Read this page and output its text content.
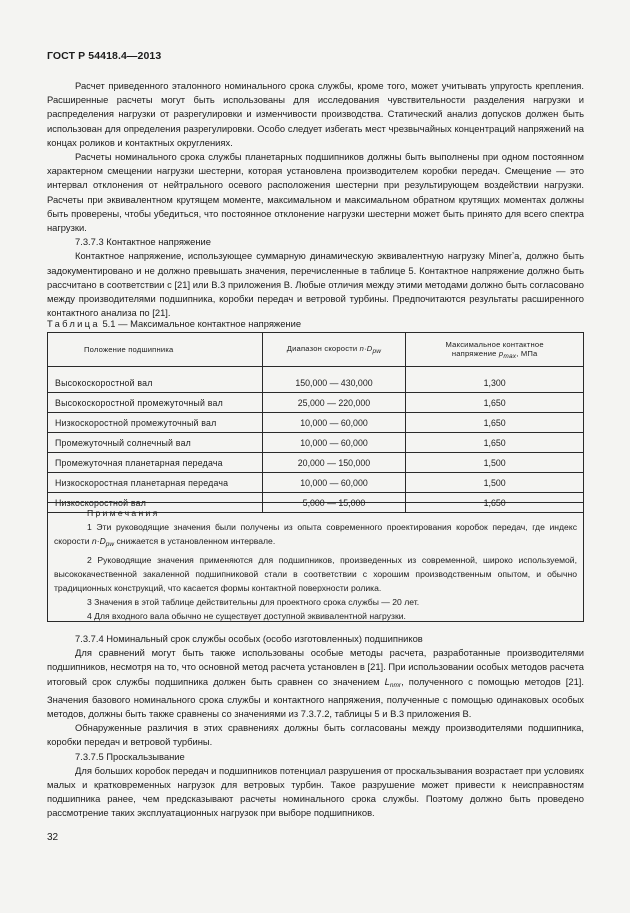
ГОСТ Р 54418.4—2013

Расчет приведенного эталонного номинального срока службы, кроме того, может учитывать упругость крепления. Расширенные расчеты могут быть использованы для исследования чувствительности разделения нагрузки и распределения нагрузки от разрегулировки и изменчивости производства. Статический анализ допусков должен быть использован для определения разрегулировки. Особо следует избегать мест чрезвычайных концентраций напряжений на концах роликов и контактных округлениях.

Расчеты номинального срока службы планетарных подшипников должны быть выполнены при одном постоянном характерном смещении нагрузки шестерни, которая установлена производителем коробки передач. Смещение — это интервал отклонения от нейтрального осевого расположения шестерни при результирующем воздействии нагрузки. Расчеты при эквивалентном крутящем моменте, максимальном и максимальном обратном крутящих моментах должны быть проверены, чтобы убедиться, что постоянное отклонение нагрузки шестерни может быть принято для всего спектра нагрузки.

7.3.7.3 Контактное напряжение

Контактное напряжение, использующее суммарную динамическую эквивалентную нагрузку Minerʼa, должно быть задокументировано и не должно превышать значения, перечисленные в таблице 5. Контактное напряжение должно быть рассчитано в соответствии с [21] или В.3 приложения В. Любые отличия между этими методами должно быть согласовано между производителями подшипника, коробки передач и ветровой турбины. Предпочитаются результаты расширенного контактного анализа по [21].

Таблица 5.1 — Максимальное контактное напряжение
Положение подшипника	Диапазон скорости n·Dpw	Максимальное контактное
напряжение pmax, МПа

Высокоскоростной вал	150,000 — 430,000	1,300
Высокоскоростной промежуточный вал	25,000 — 220,000	1,650
Низкоскоростной промежуточный вал	10,000 — 60,000	1,650
Промежуточный солнечный вал	10,000 — 60,000	1,650
Промежуточная планетарная передача	20,000 — 150,000	1,500
Низкоскоростная планетарная передача	10,000 — 60,000	1,500
Низкоскоростной вал	5,000 — 15,000	1,650

Примечания

1 Эти руководящие значения были получены из опыта современного проектирования коробок передач, где индекс скорости $n\cdot D_{pw}$ снижается в установленном интервале.

2 Руководящие значения применяются для подшипников, произведенных из современной, широко используемой, высококачественной закаленной подшипниковой стали в соответствии с хорошим производственным опытом, и обычно традиционных конструкций, что касается формы контактной поверхности ролика.

3 Значения в этой таблице действительны для проектного срока службы — 20 лет.

4 Для входного вала обычно не существует доступной эквивалентной нагрузки.

7.3.7.4 Номинальный срок службы особых (особо изготовленных) подшипников

Для сравнений могут быть также использованы особые методы расчета, разработанные производителями подшипников, несмотря на то, что основной метод расчета установлен в [21]. При использовании особых методов расчета итоговый срок службы подшипника должен быть сравнен со значением $L_{nmr}$, полученного с помощью методов [21]. Значения базового номинального срока службы и контактного напряжения, полученные с помощью одинаковых особых методов, должны быть также сравнены со значениями из 7.3.7.2, таблицы 5 и В.3 приложения В.

Обнаруженные различия в этих сравнениях должны быть согласованы между производителями подшипника, коробки передач и ветровой турбины.

7.3.7.5 Проскальзывание

Для больших коробок передач и подшипников потенциал разрушения от проскальзывания возрастает при условиях малых и кратковременных нагрузок для ветровых турбин. Такое разрушение может привести к неисправностям подшипника ранее, чем предсказывают расчеты номинального срока службы. Поэтому должно быть проведено рассмотрение таких эксплуатационных нагрузок при выборе подшипников.

32
